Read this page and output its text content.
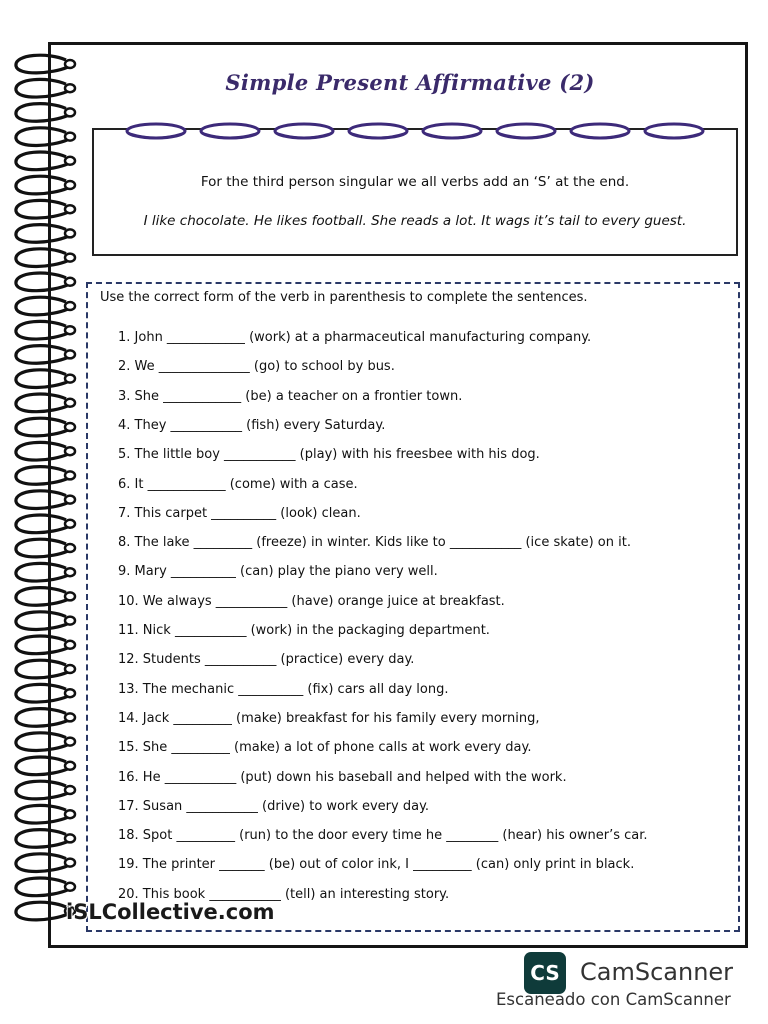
Simple Present Affirmative (2)
For the third person singular we all verbs add an ‘S’ at the end.
I like chocolate. He likes football. She reads a lot. It wags it’s tail to every guest.
Use the correct form of the verb in parenthesis to complete the sentences.
1. John ____________ (work) at a pharmaceutical manufacturing company.
2. We ______________ (go) to school by bus.
3. She ____________ (be) a teacher on a frontier town.
4. They ___________ (fish) every Saturday.
5. The little boy ___________ (play) with his freesbee with his dog.
6. It ____________ (come) with a case.
7. This carpet __________ (look) clean.
8. The lake _________ (freeze) in winter. Kids like to ___________ (ice skate) on it.
9. Mary __________ (can) play the piano very well.
10. We always ___________ (have) orange juice at breakfast.
11. Nick ___________ (work) in the packaging department.
12. Students ___________ (practice) every day.
13. The mechanic __________ (fix) cars all day long.
14. Jack _________ (make) breakfast for his family every morning,
15. She _________ (make) a lot of phone calls at work every day.
16. He ___________ (put) down his baseball and helped with the work.
17. Susan ___________ (drive) to work every day.
18. Spot _________ (run) to the door every time he ________ (hear) his owner’s car.
19. The printer _______ (be) out of color ink, I _________ (can) only print in black.
20. This book ___________ (tell) an interesting story.
iSLCollective.com
CS CamScanner
Escaneado con CamScanner
